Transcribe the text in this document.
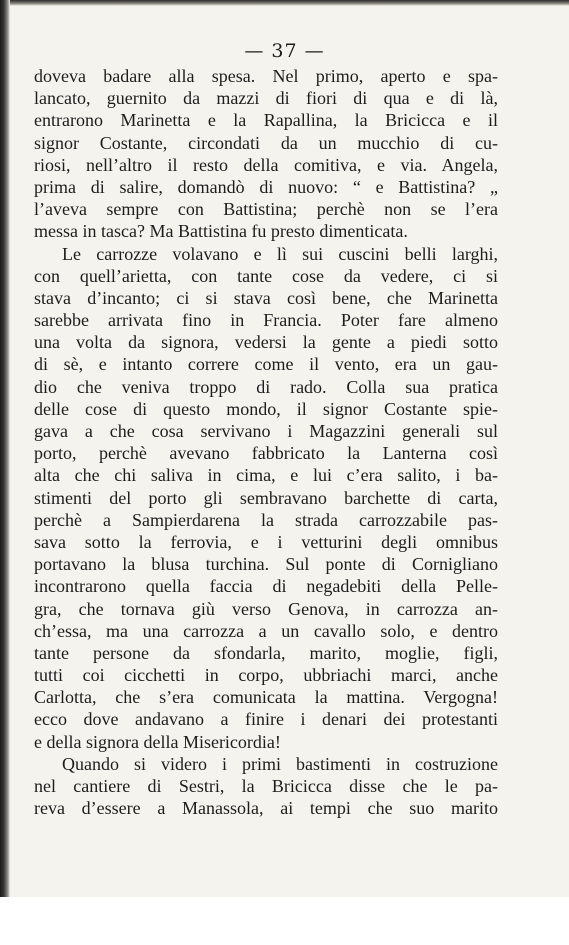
— 37 —
doveva badare alla spesa. Nel primo, aperto e spa-
lancato, guernito da mazzi di fiori di qua e di là,
entrarono Marinetta e la Rapallina, la Bricicca e il
signor Costante, circondati da un mucchio di cu-
riosi, nell’altro il resto della comitiva, e via. Angela,
prima di salire, domandò di nuovo: “ e Battistina? „
l’aveva sempre con Battistina; perchè non se l’era
messa in tasca? Ma Battistina fu presto dimenticata.
Le carrozze volavano e lì sui cuscini belli larghi,
con quell’arietta, con tante cose da vedere, ci si
stava d’incanto; ci si stava così bene, che Marinetta
sarebbe arrivata fino in Francia. Poter fare almeno
una volta da signora, vedersi la gente a piedi sotto
di sè, e intanto correre come il vento, era un gau-
dio che veniva troppo di rado. Colla sua pratica
delle cose di questo mondo, il signor Costante spie-
gava a che cosa servivano i Magazzini generali sul
porto, perchè avevano fabbricato la Lanterna così
alta che chi saliva in cima, e lui c’era salito, i ba-
stimenti del porto gli sembravano barchette di carta,
perchè a Sampierdarena la strada carrozzabile pas-
sava sotto la ferrovia, e i vetturini degli omnibus
portavano la blusa turchina. Sul ponte di Cornigliano
incontrarono quella faccia di negadebiti della Pelle-
gra, che tornava giù verso Genova, in carrozza an-
ch’essa, ma una carrozza a un cavallo solo, e dentro
tante persone da sfondarla, marito, moglie, figli,
tutti coi cicchetti in corpo, ubbriachi marci, anche
Carlotta, che s’era comunicata la mattina. Vergogna!
ecco dove andavano a finire i denari dei protestanti
e della signora della Misericordia!
Quando si videro i primi bastimenti in costruzione
nel cantiere di Sestri, la Bricicca disse che le pa-
reva d’essere a Manassola, ai tempi che suo marito
